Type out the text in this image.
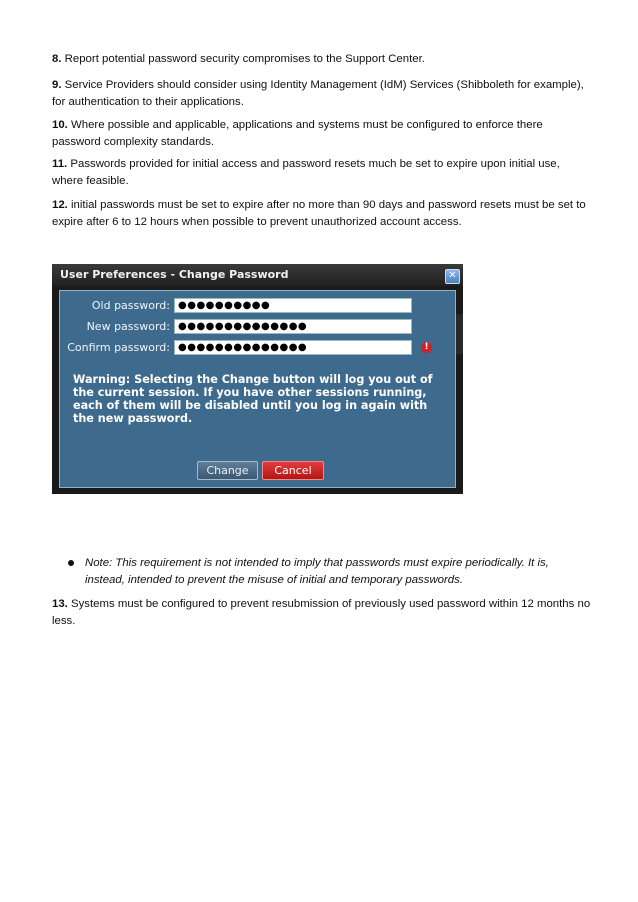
8. Report potential password security compromises to the Support Center.

9. Service Providers should consider using Identity Management (IdM) Services (Shibboleth for example), for authentication to their applications.

10. Where possible and applicable, applications and systems must be configured to enforce there password complexity standards.

11. Passwords provided for initial access and password resets much be set to expire upon initial use, where feasible.

12. initial passwords must be set to expire after no more than 90 days and password resets must be set to expire after 6 to 12 hours when possible to prevent unauthorized account access.

User Preferences - Change Password	✕
Old password: ●●●●●●●●●●
New password: ●●●●●●●●●●●●●●
Confirm password: ●●●●●●●●●●●●●●	!
Warning: Selecting the Change button will log you out of the current session. If you have other sessions running, each of them will be disabled until you log in again with the new password.
Change	Cancel

Note: This requirement is not intended to imply that passwords must expire periodically. It is, instead, intended to prevent the misuse of initial and temporary passwords.

13. Systems must be configured to prevent resubmission of previously used password within 12 months no less.
